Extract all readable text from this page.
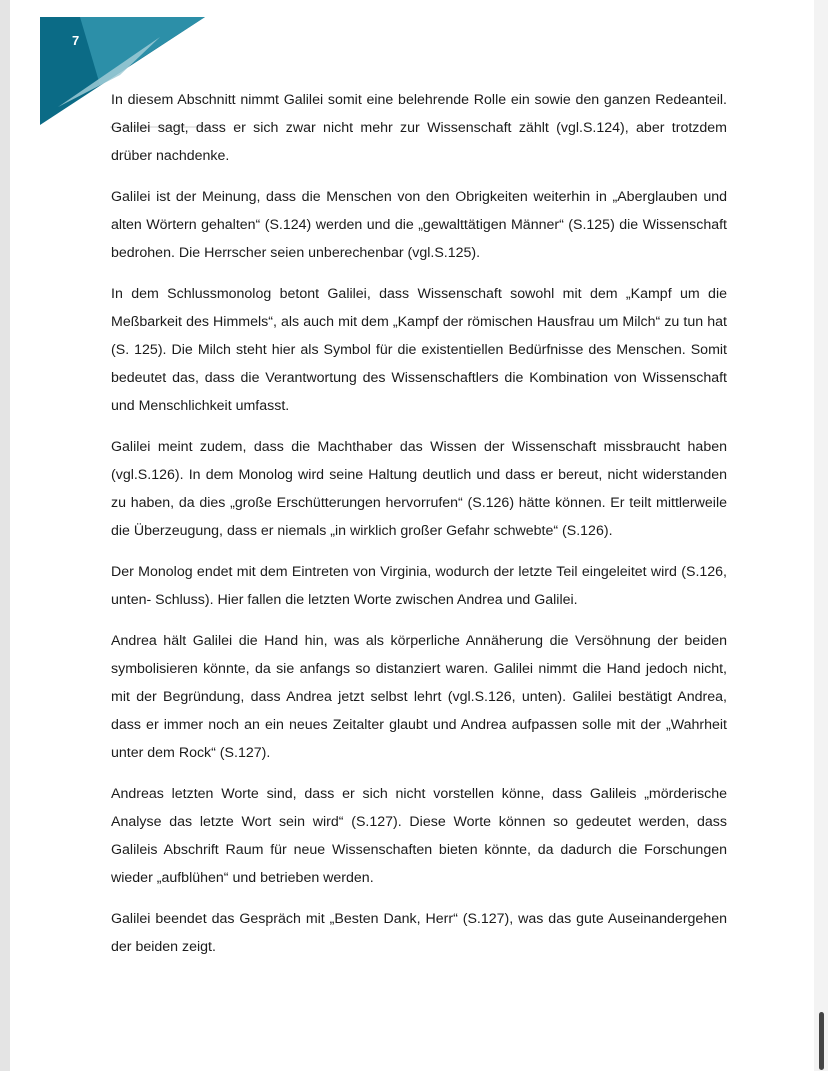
7

In diesem Abschnitt nimmt Galilei somit eine belehrende Rolle ein sowie den ganzen Redeanteil. Galilei sagt, dass er sich zwar nicht mehr zur Wissenschaft zählt (vgl.S.124), aber trotzdem drüber nachdenke.

Galilei ist der Meinung, dass die Menschen von den Obrigkeiten weiterhin in „Aberglauben und alten Wörtern gehalten“ (S.124) werden und die „gewalttätigen Männer“ (S.125) die Wissenschaft bedrohen. Die Herrscher seien unberechenbar (vgl.S.125).

In dem Schlussmonolog betont Galilei, dass Wissenschaft sowohl mit dem „Kampf um die Meßbarkeit des Himmels“, als auch mit dem „Kampf der römischen Hausfrau um Milch“ zu tun hat (S. 125). Die Milch steht hier als Symbol für die existentiellen Bedürfnisse des Menschen. Somit bedeutet das, dass die Verantwortung des Wissenschaftlers die Kombination von Wissenschaft und Menschlichkeit umfasst.

Galilei meint zudem, dass die Machthaber das Wissen der Wissenschaft missbraucht haben (vgl.S.126). In dem Monolog wird seine Haltung deutlich und dass er bereut, nicht widerstanden zu haben, da dies „große Erschütterungen hervorrufen“ (S.126) hätte können. Er teilt mittlerweile die Überzeugung, dass er niemals „in wirklich großer Gefahr schwebte“ (S.126).

Der Monolog endet mit dem Eintreten von Virginia, wodurch der letzte Teil eingeleitet wird (S.126, unten- Schluss). Hier fallen die letzten Worte zwischen Andrea und Galilei.

Andrea hält Galilei die Hand hin, was als körperliche Annäherung die Versöhnung der beiden symbolisieren könnte, da sie anfangs so distanziert waren. Galilei nimmt die Hand jedoch nicht, mit der Begründung, dass Andrea jetzt selbst lehrt (vgl.S.126, unten). Galilei bestätigt Andrea, dass er immer noch an ein neues Zeitalter glaubt und Andrea aufpassen solle mit der „Wahrheit unter dem Rock“ (S.127).

Andreas letzten Worte sind, dass er sich nicht vorstellen könne, dass Galileis „mörderische Analyse das letzte Wort sein wird“ (S.127). Diese Worte können so gedeutet werden, dass Galileis Abschrift Raum für neue Wissenschaften bieten könnte, da dadurch die Forschungen wieder „aufblühen“ und betrieben werden.

Galilei beendet das Gespräch mit „Besten Dank, Herr“ (S.127), was das gute Auseinandergehen der beiden zeigt.
